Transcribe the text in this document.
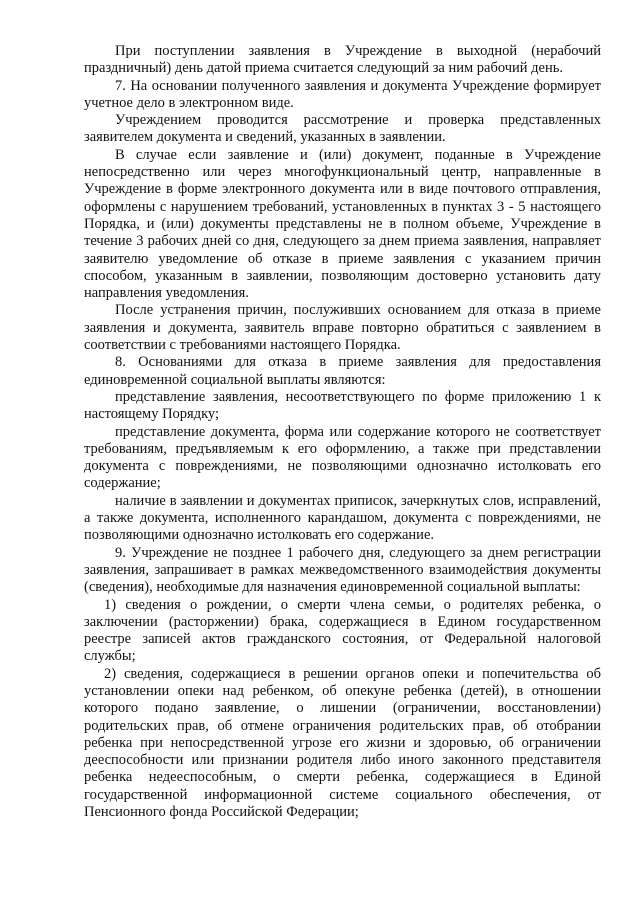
При поступлении заявления в Учреждение в выходной (нерабочий праздничный) день датой приема считается следующий за ним рабочий день.

7. На основании полученного заявления и документа Учреждение формирует учетное дело в электронном виде.

Учреждением проводится рассмотрение и проверка представленных заявителем документа и сведений, указанных в заявлении.

В случае если заявление и (или) документ, поданные в Учреждение непосредственно или через многофункциональный центр, направленные в Учреждение в форме электронного документа или в виде почтового отправления, оформлены с нарушением требований, установленных в пунктах 3 - 5 настоящего Порядка, и (или) документы представлены не в полном объеме, Учреждение в течение 3 рабочих дней со дня, следующего за днем приема заявления, направляет заявителю уведомление об отказе в приеме заявления с указанием причин способом, указанным в заявлении, позволяющим достоверно установить дату направления уведомления.

После устранения причин, послуживших основанием для отказа в приеме заявления и документа, заявитель вправе повторно обратиться с заявлением в соответствии с требованиями настоящего Порядка.

8. Основаниями для отказа в приеме заявления для предоставления единовременной социальной выплаты являются:

представление заявления, несоответствующего по форме приложению 1 к настоящему Порядку;

представление документа, форма или содержание которого не соответствует требованиям, предъявляемым к его оформлению, а также при представлении документа с повреждениями, не позволяющими однозначно истолковать его содержание;

наличие в заявлении и документах приписок, зачеркнутых слов, исправлений, а также документа, исполненного карандашом, документа с повреждениями, не позволяющими однозначно истолковать его содержание.

9. Учреждение не позднее 1 рабочего дня, следующего за днем регистрации заявления, запрашивает в рамках межведомственного взаимодействия документы (сведения), необходимые для назначения единовременной социальной выплаты:

1) сведения о рождении, о смерти члена семьи, о родителях ребенка, о заключении (расторжении) брака, содержащиеся в Едином государственном реестре записей актов гражданского состояния, от Федеральной налоговой службы;

2) сведения, содержащиеся в решении органов опеки и попечительства об установлении опеки над ребенком, об опекуне ребенка (детей), в отношении которого подано заявление, о лишении (ограничении, восстановлении) родительских прав, об отмене ограничения родительских прав, об отобрании ребенка при непосредственной угрозе его жизни и здоровью, об ограничении дееспособности или признании родителя либо иного законного представителя ребенка недееспособным, о смерти ребенка, содержащиеся в Единой государственной информационной системе социального обеспечения, от Пенсионного фонда Российской Федерации;
